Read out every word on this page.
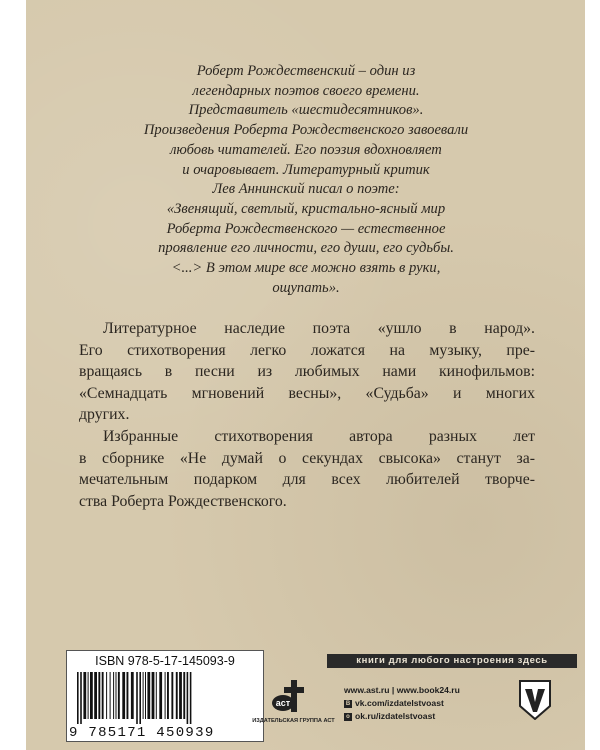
Роберт Рождественский – один из
легендарных поэтов своего времени.
Представитель «шестидесятников».
Произведения Роберта Рождественского завоевали
любовь читателей. Его поэзия вдохновляет
и очаровывает. Литературный критик
Лев Аннинский писал о поэте:
«Звенящий, светлый, кристально-ясный мир
Роберта Рождественского — естественное
проявление его личности, его души, его судьбы.
<...> В этом мире все можно взять в руки,
ощупать».
Литературное наследие поэта «ушло в народ».
Его стихотворения легко ложатся на музыку, пре-
вращаясь в песни из любимых нами кинофильмов:
«Семнадцать мгновений весны», «Судьба» и многих
других.
Избранные стихотворения автора разных лет
в сборнике «Не думай о секундах свысока» станут за-
мечательным подарком для всех любителей творче-
ства Роберта Рождественского.
ISBN 978-5-17-145093-9
9 785171 450939
книги для любого настроения здесь
аст
ИЗДАТЕЛЬСКАЯ ГРУППА АСТ
www.ast.ru | www.book24.ru
B vk.com/izdatelstvoast
o ok.ru/izdatelstvoast
